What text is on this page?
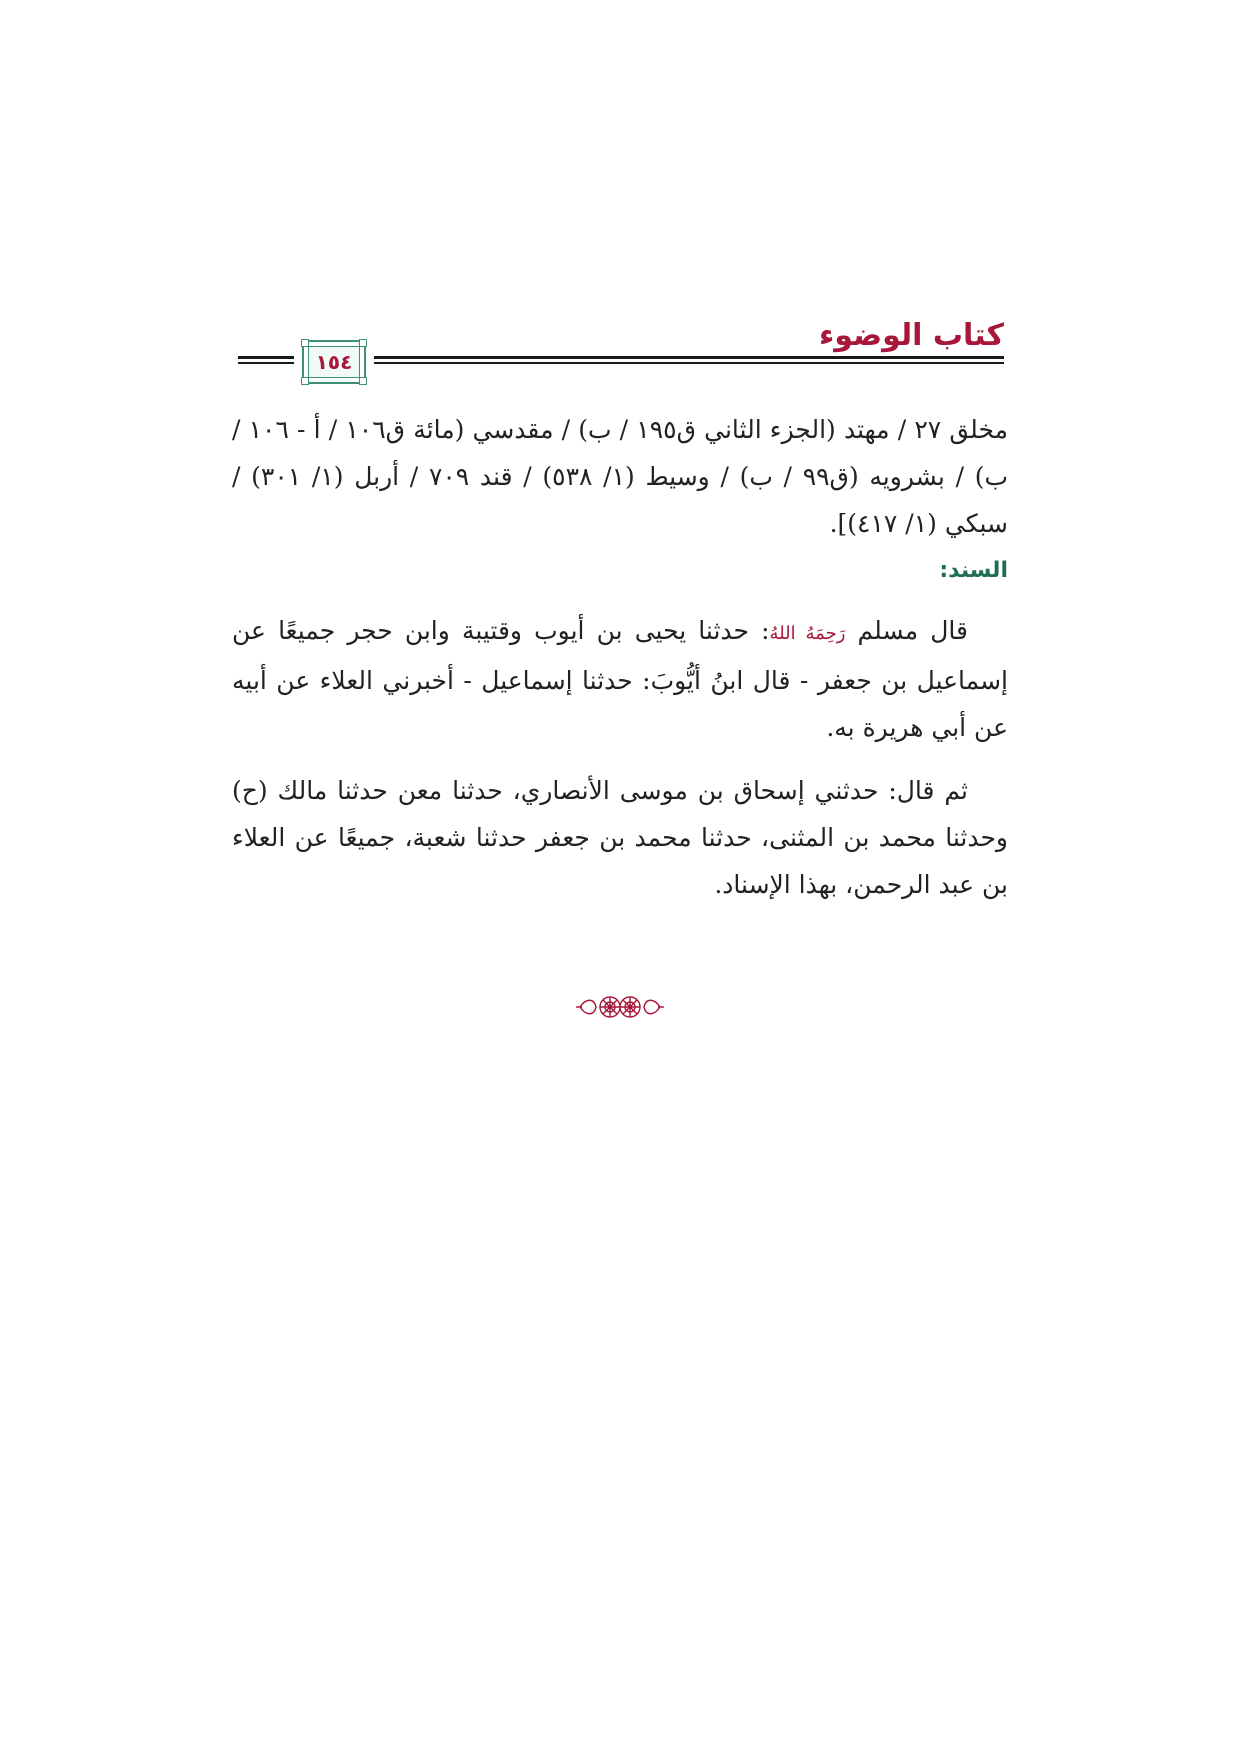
كتاب الوضوء
١٥٤

مخلق ٢٧ / مهتد (الجزء الثاني ق١٩٥ / ب) / مقدسي (مائة ق١٠٦ / أ - ١٠٦ / ب) / بشرويه (ق٩٩ / ب) / وسيط (١/ ٥٣٨) / قند ٧٠٩ / أربل (١/ ٣٠١) / سبكي (١/ ٤١٧)].

السند:

قال مسلم رَحِمَهُ اللهُ: حدثنا يحيى بن أيوب وقتيبة وابن حجر جميعًا عن إسماعيل بن جعفر - قال ابنُ أيُّوبَ: حدثنا إسماعيل - أخبرني العلاء عن أبيه عن أبي هريرة به.

ثم قال: حدثني إسحاق بن موسى الأنصاري، حدثنا معن حدثنا مالك (ح) وحدثنا محمد بن المثنى، حدثنا محمد بن جعفر حدثنا شعبة، جميعًا عن العلاء بن عبد الرحمن، بهذا الإسناد.
